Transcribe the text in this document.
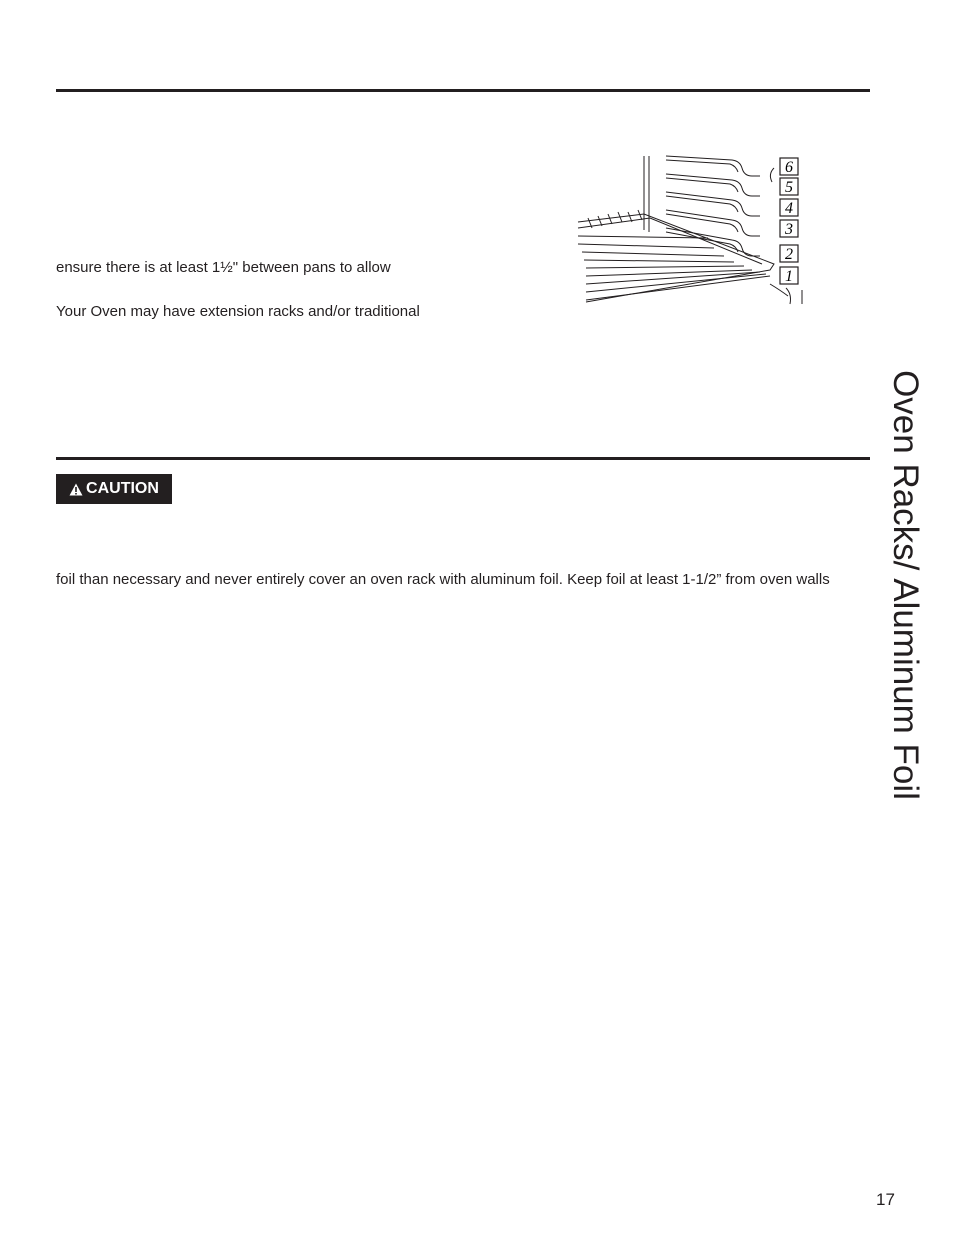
ensure there is at least 1½" between pans to allow
Your Oven may have extension racks and/or traditional
6
5
4
3
2
1
CAUTION
foil than necessary and never entirely cover an oven rack with aluminum foil. Keep foil at least 1-1/2” from oven walls Oven Racks/ Aluminum Foil
17
